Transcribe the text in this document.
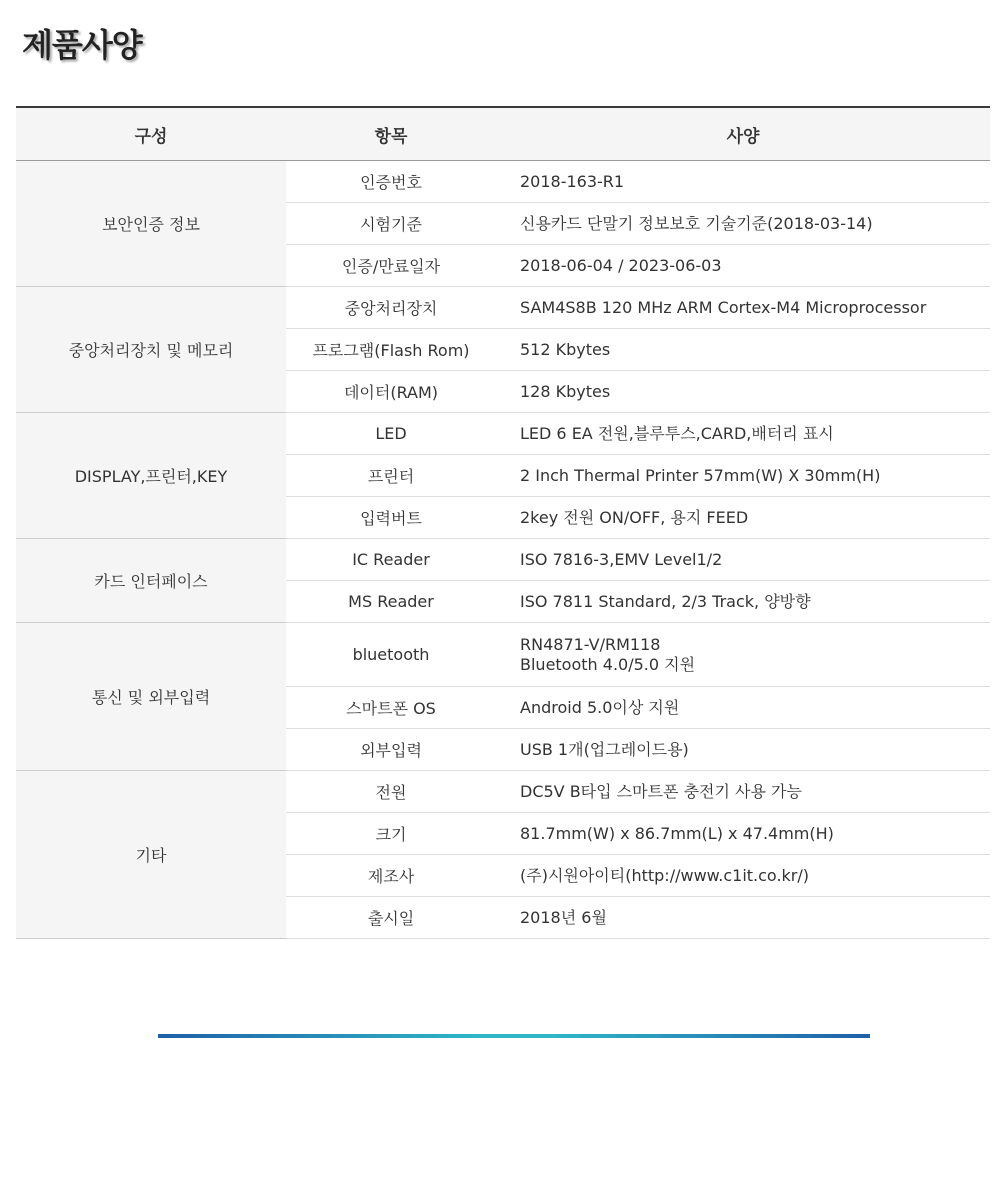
제품사양
구성	항목	사양
보안인증 정보	인증번호	2018-163-R1

	시험기준	신용카드 단말기 정보보호 기술기준(2018-03-14)

	인증/만료일자	2018-06-04 / 2023-06-03

중앙처리장치 및 메모리	중앙처리장치	SAM4S8B 120 MHz ARM Cortex-M4 Microprocessor

	프로그램(Flash Rom)	512 Kbytes

	데이터(RAM)	128 Kbytes

DISPLAY,프린터,KEY	LED	LED 6 EA 전원,블루투스,CARD,배터리 표시

	프린터	2 Inch Thermal Printer 57mm(W) X 30mm(H)

	입력버트	2key 전원 ON/OFF, 용지 FEED

카드 인터페이스	IC Reader	ISO 7816-3,EMV Level1/2

	MS Reader	ISO 7811 Standard, 2/3 Track, 양방향

통신 및 외부입력	bluetooth	RN4871-V/RM118
Bluetooth 4.0/5.0 지원

	스마트폰 OS	Android 5.0이상 지원

	외부입력	USB 1개(업그레이드용)

기타	전원	DC5V B타입 스마트폰 충전기 사용 가능

	크기	81.7mm(W) x 86.7mm(L) x 47.4mm(H)

	제조사	(주)시원아이티(http://www.c1it.co.kr/)

	출시일	2018년 6월
